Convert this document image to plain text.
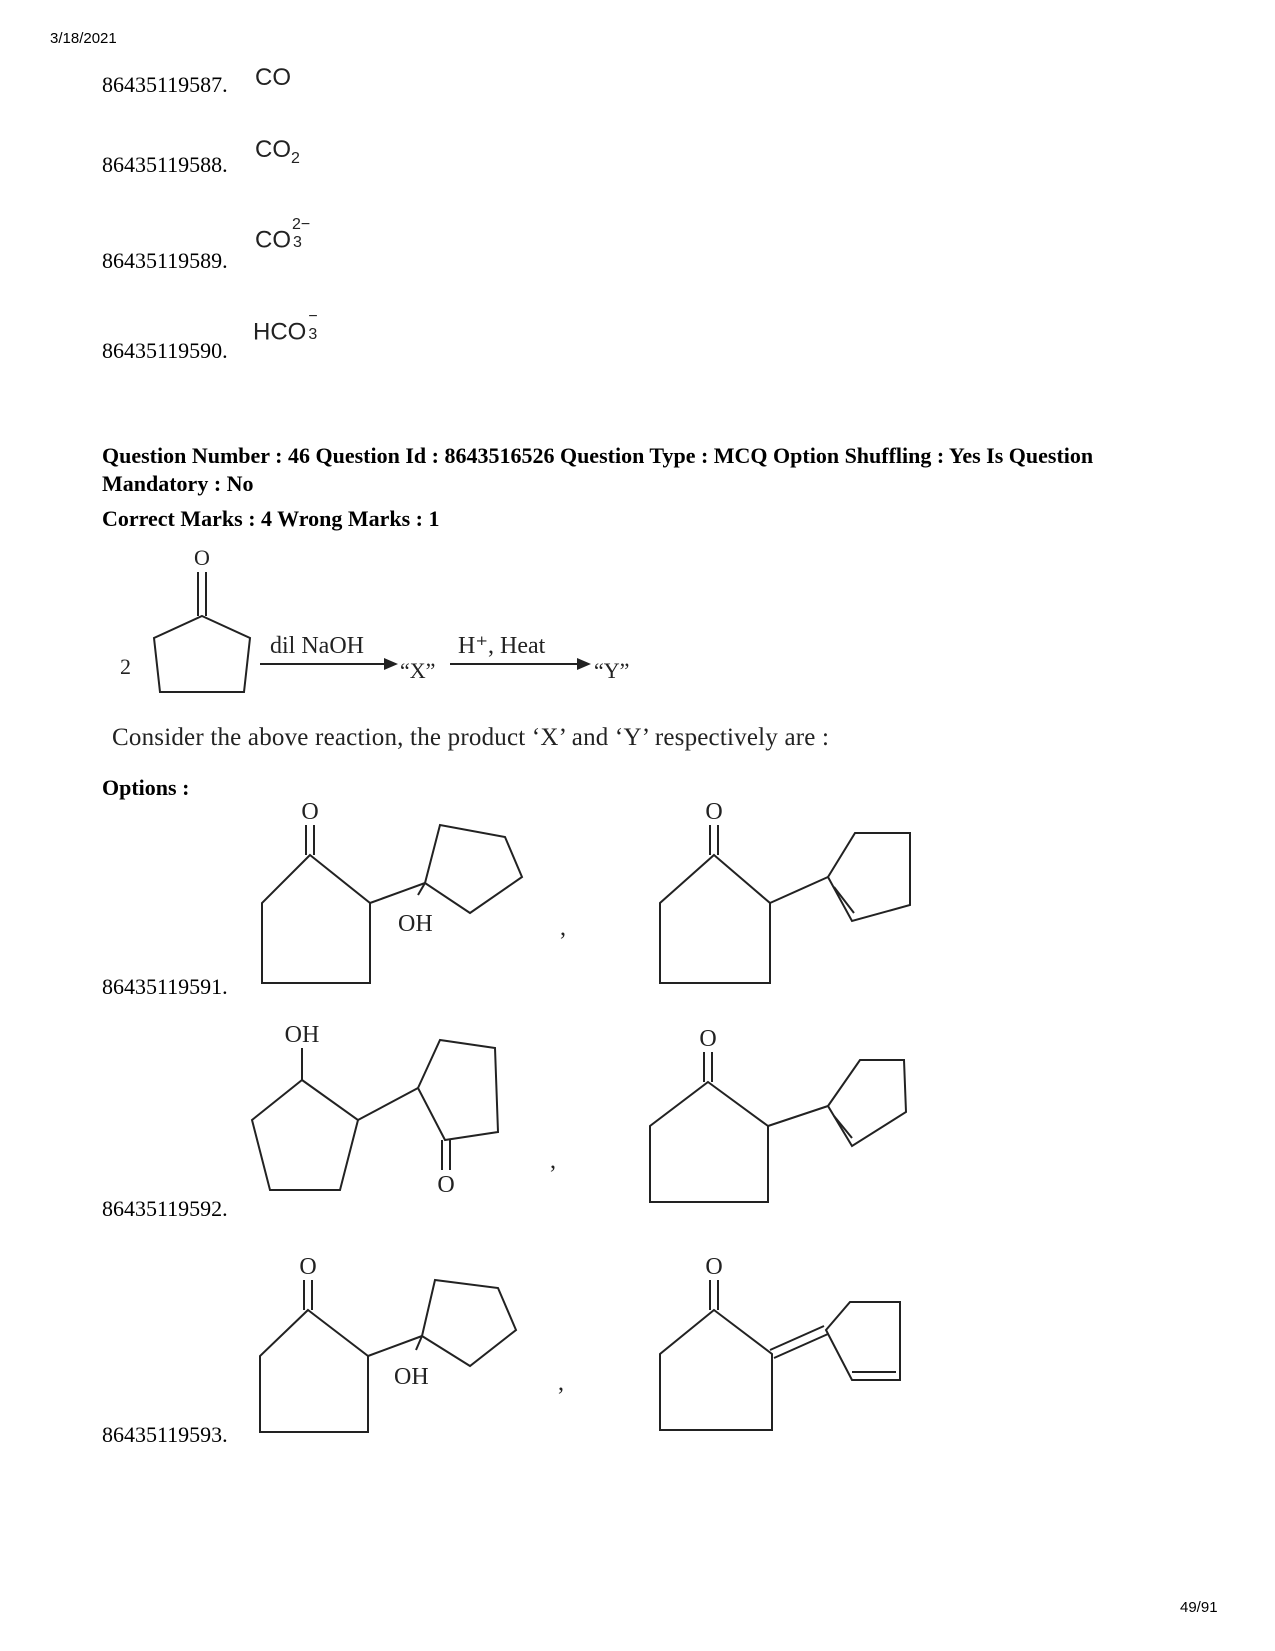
3/18/2021
86435119587. CO
86435119588.
$CO_2$
86435119589.
CO
2−
3
86435119590.
HCO
−
3
Question Number : 46 Question Id : 8643516526 Question Type : MCQ Option Shuffling : Yes Is Question Mandatory : No
Correct Marks : 4 Wrong Marks : 1
O
2
dil NaOH
“X”
H⁺, Heat
“Y”
Consider the above reaction, the product ‘X’ and ‘Y’ respectively are :
Options :
86435119591.
O
OH	,
O
86435119592.
OH
O
,
O
86435119593.
O
OH	,
O
49/91
